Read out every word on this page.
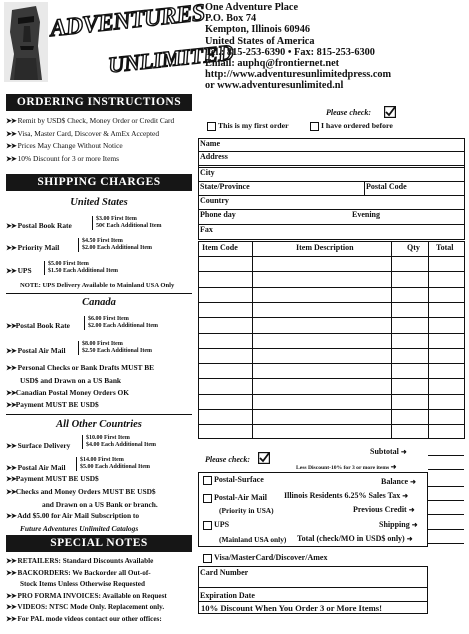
ADVENTURES
UNLIMITED
One Adventure Place
P.O. Box 74
Kempton, Illinois 60946
United States of America
Tel.: 815-253-6390 • Fax: 815-253-6300
Email: auphq@frontiernet.net
http://www.adventuresunlimitedpress.com
or www.adventuresunlimited.nl
ORDERING INSTRUCTIONS
➤➤ Remit by USD$ Check, Money Order or Credit Card
➤➤ Visa, Master Card, Discover & AmEx Accepted
➤➤ Prices May Change Without Notice
➤➤ 10% Discount for 3 or more Items
SHIPPING CHARGES
United States
➤➤ Postal Book Rate
$3.00 First Item
50¢ Each Additional Item
➤➤ Priority Mail
$4.50 First Item
$2.00 Each Additional Item
➤➤ UPS
$5.00 First Item
$1.50 Each Additional Item
NOTE: UPS Delivery Available to Mainland USA Only
Canada
➤➤Postal Book Rate
$6.00 First Item
$2.00 Each Additional Item
➤➤ Postal Air Mail
$8.00 First Item
$2.50 Each Additional Item
➤➤ Personal Checks or Bank Drafts MUST BE
USD$ and Drawn on a US Bank
➤➤Canadian Postal Money Orders OK
➤➤Payment MUST BE USD$
All Other Countries
➤➤ Surface Delivery
$10.00 First Item
$4.00 Each Additional Item
➤➤ Postal Air Mail
$14.00 First Item
$5.00 Each Additional Item
➤➤Payment MUST BE USD$
➤➤Checks and Money Orders MUST BE USD$
and Drawn on a US Bank or branch.
➤➤ Add $5.00 for Air Mail Subscription to
Future Adventures Unlimited Catalogs
SPECIAL NOTES
➤➤ RETAILERS: Standard Discounts Available
➤➤ BACKORDERS: We Backorder all Out-of-
Stock Items Unless Otherwise Requested
➤➤ PRO FORMA INVOICES: Available on Request
➤➤ VIDEOS: NTSC Mode Only. Replacement only.
➤➤ For PAL mode videos contact our other offices:
Please check:
This is my first order	I have ordered before
Name
Address
City
State/Province	Postal Code
Country
Phone day	Evening
Fax
Item Code	Item Description	Qty Total
Please check:
Subtotal ➜
Less Discount-10% for 3 or more items ➜
Postal-Surface	Balance ➜
Postal-Air Mail
(Priority in USA)
Illinois Residents 6.25% Sales Tax ➜
Previous Credit ➜
UPS	Shipping ➜
(Mainland USA only) Total (check/MO in USD$ only) ➜
Visa/MasterCard/Discover/Amex
Card Number
Expiration Date
10% Discount When You Order 3 or More Items!
